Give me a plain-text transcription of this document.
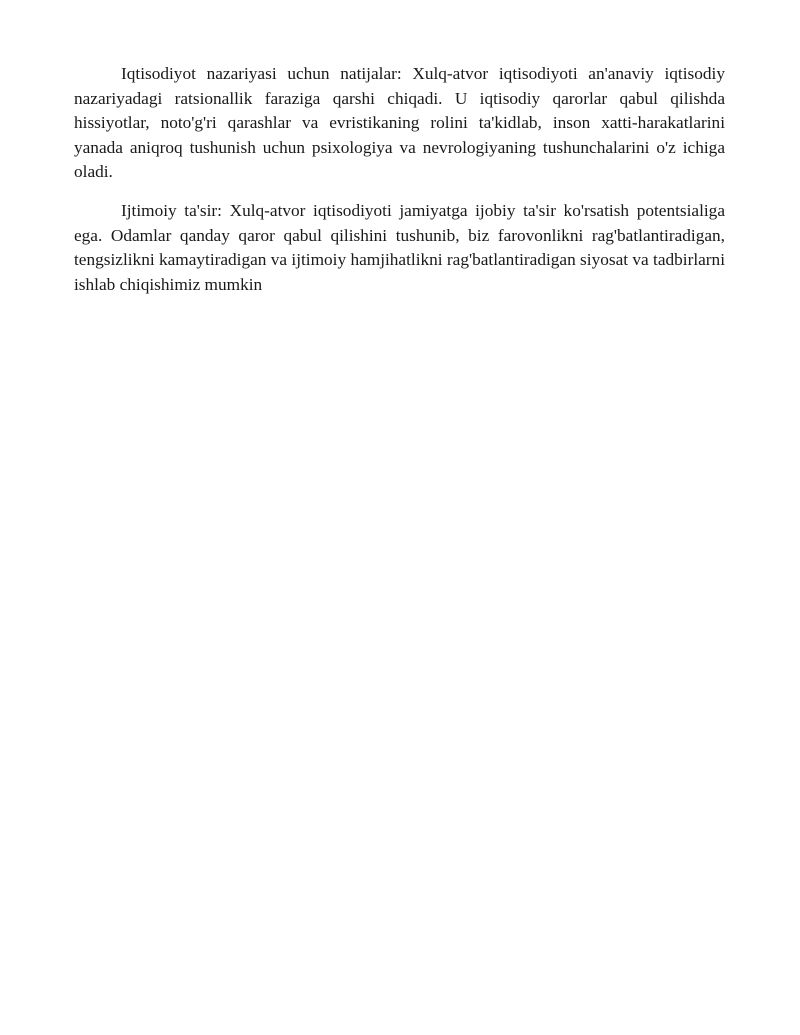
Iqtisodiyot nazariyasi uchun natijalar: Xulq-atvor iqtisodiyoti an'anaviy iqtisodiy nazariyadagi ratsionallik faraziga qarshi chiqadi. U iqtisodiy qarorlar qabul qilishda hissiyotlar, noto'g'ri qarashlar va evristikaning rolini ta'kidlab, inson xatti-harakatlarini yanada aniqroq tushunish uchun psixologiya va nevrologiyaning tushunchalarini o'z ichiga oladi.

Ijtimoiy ta'sir: Xulq-atvor iqtisodiyoti jamiyatga ijobiy ta'sir ko'rsatish potentsialiga ega. Odamlar qanday qaror qabul qilishini tushunib, biz farovonlikni rag'batlantiradigan, tengsizlikni kamaytiradigan va ijtimoiy hamjihatlikni rag'batlantiradigan siyosat va tadbirlarni ishlab chiqishimiz mumkin
